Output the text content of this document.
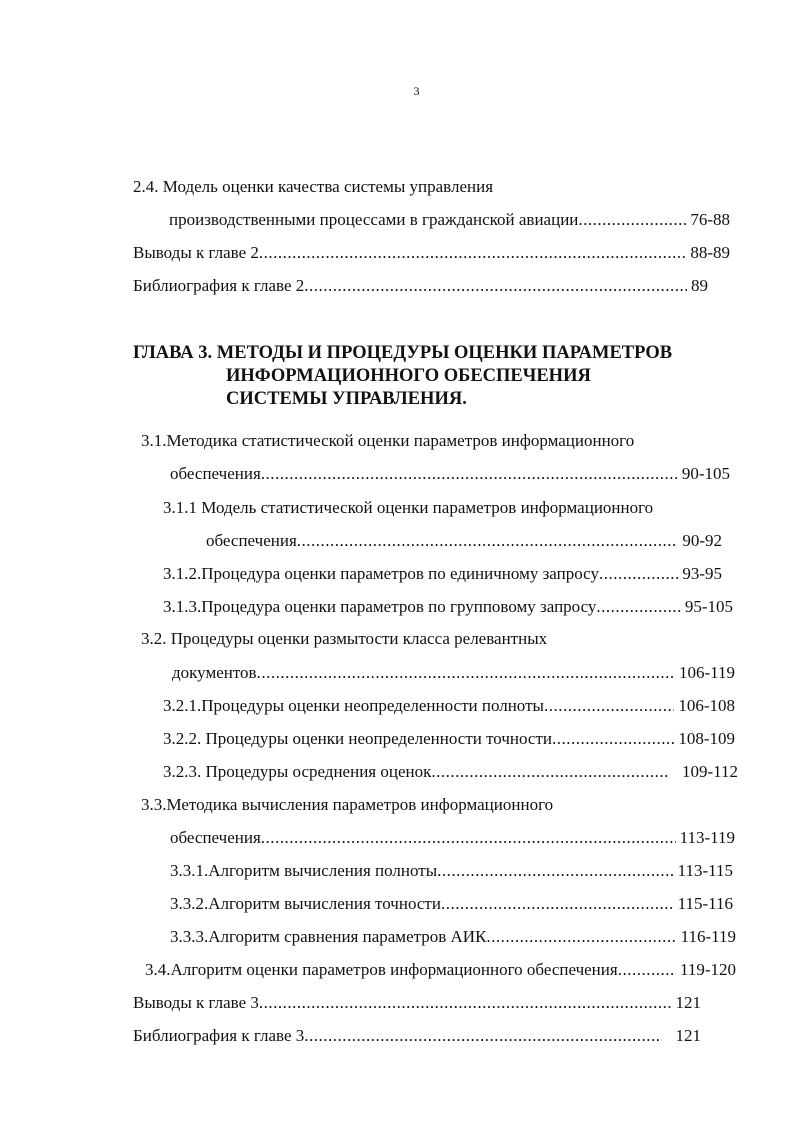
3
2.4. Модель оценки качества системы управления
производственными процессами в гражданской авиации .....	76-88
Выводы к главе 2 .....	88-89
Библиография к главе 2 .....	89
ГЛАВА 3. МЕТОДЫ И ПРОЦЕДУРЫ ОЦЕНКИ ПАРАМЕТРОВ
ИНФОРМАЦИОННОГО ОБЕСПЕЧЕНИЯ
СИСТЕМЫ УПРАВЛЕНИЯ.
3.1.Методика статистической оценки параметров информационного
обеспечения .....	90-105
3.1.1 Модель статистической оценки параметров информационного
обеспечения .....	90-92
3.1.2.Процедура оценки параметров по единичному запросу .....	93-95
3.1.3.Процедура оценки параметров по групповому запросу .....	95-105
3.2. Процедуры оценки размытости класса релевантных
документов .....	106-119
3.2.1.Процедуры оценки неопределенности полноты .....	106-108
3.2.2. Процедуры оценки неопределенности точности .....	108-109
3.2.3. Процедуры осреднения оценок .....	109-112
3.3.Методика вычисления параметров информационного
обеспечения .....	113-119
3.3.1.Алгоритм вычисления полноты .....	113-115
3.3.2.Алгоритм вычисления точности .....	115-116
3.3.3.Алгоритм сравнения параметров АИК .....	116-119
3.4.Алгоритм оценки параметров информационного обеспечения .....	119-120
Выводы к главе 3 .....	121
Библиография к главе 3 .....	121
